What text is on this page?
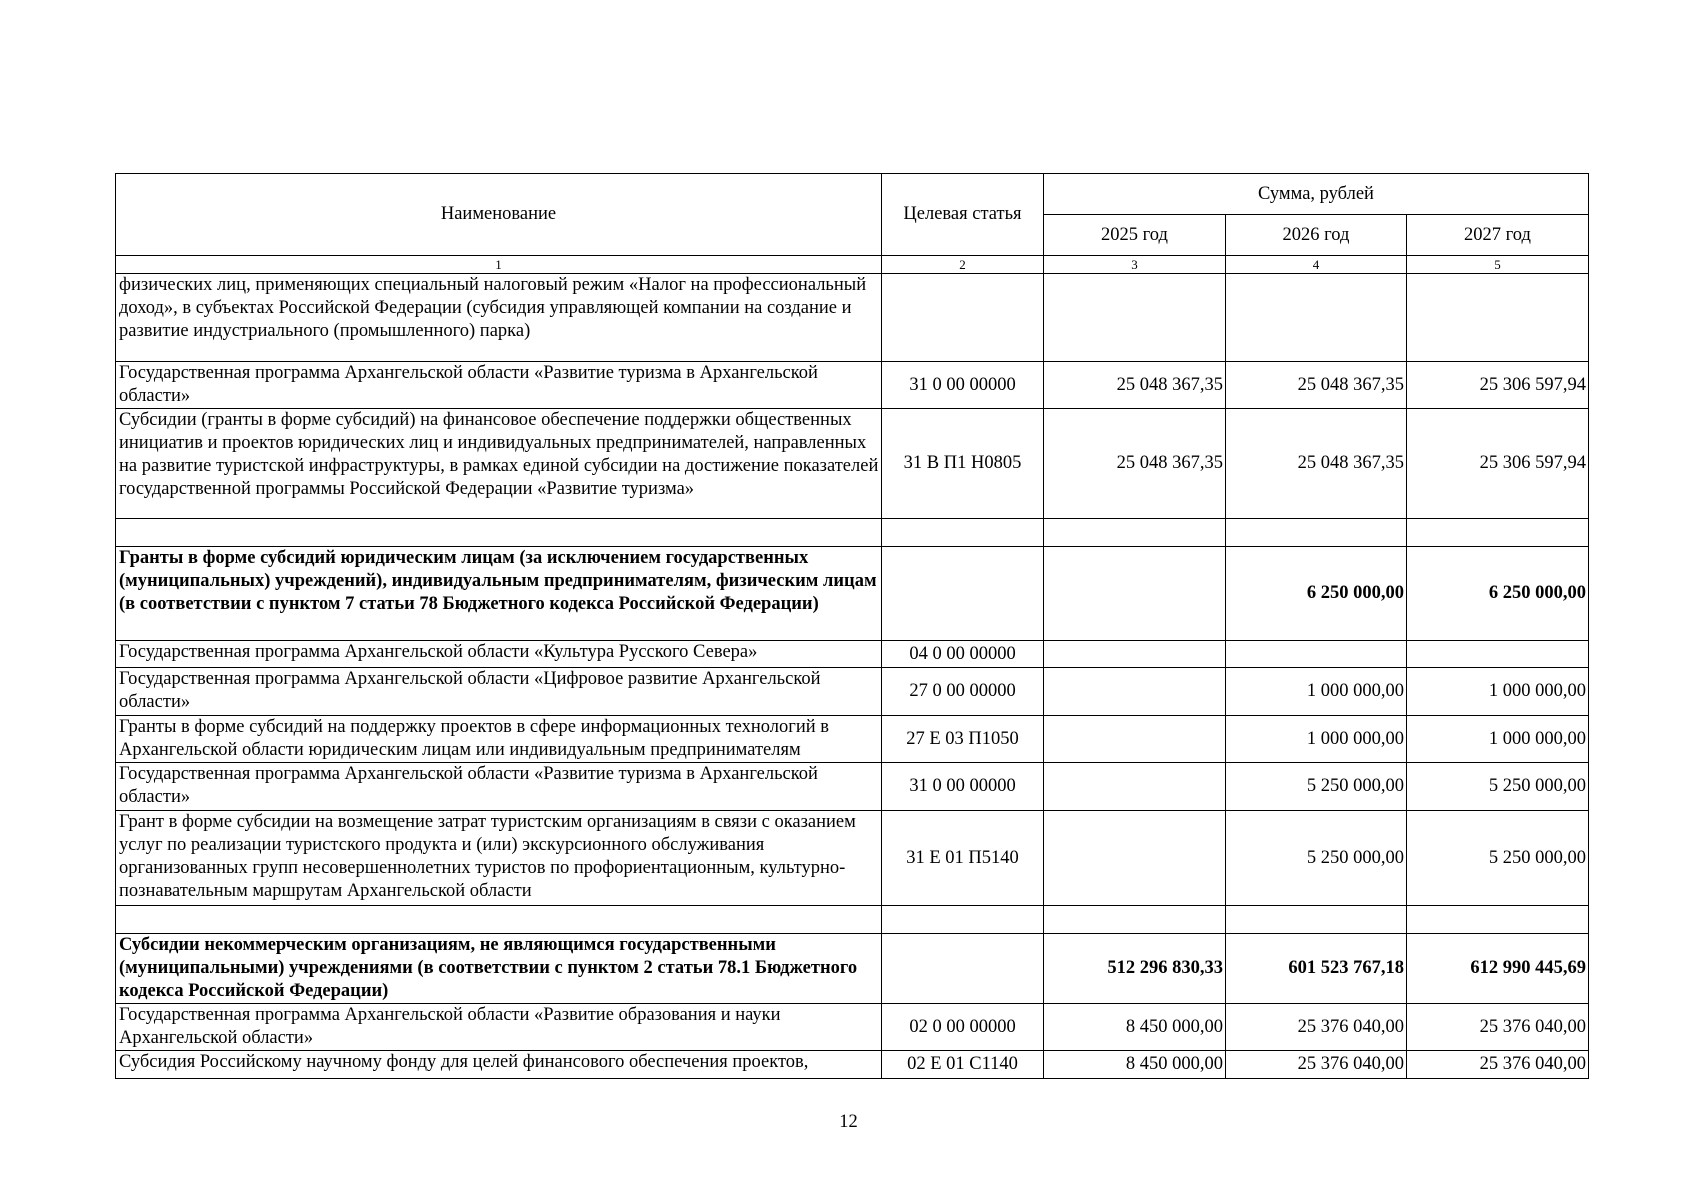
Наименование	Целевая статья	Сумма, рублей		
		2025 год	2026 год	2027 год
1	2	3	4	5
физических лиц, применяющих специальный налоговый режим «Налог на профессиональный доход», в субъектах Российской Федерации (субсидия управляющей компании на создание и развитие индустриального (промышленного) парка)				
Государственная программа Архангельской области «Развитие туризма в Архангельской области»	31 0 00 00000	25 048 367,35	25 048 367,35	25 306 597,94
Субсидии (гранты в форме субсидий) на финансовое обеспечение поддержки общественных инициатив и проектов юридических лиц и индивидуальных предпринимателей, направленных на развитие туристской инфраструктуры, в рамках единой субсидии на достижение показателей государственной программы Российской Федерации «Развитие туризма»	31 В П1 Н0805	25 048 367,35	25 048 367,35	25 306 597,94

Гранты в форме субсидий юридическим лицам (за исключением государственных (муниципальных) учреждений), индивидуальным предпринимателям, физическим лицам (в соответствии с пунктом 7 статьи 78 Бюджетного кодекса Российской Федерации)			6 250 000,00	6 250 000,00
Государственная программа Архангельской области «Культура Русского Севера»	04 0 00 00000			
Государственная программа Архангельской области «Цифровое развитие Архангельской области»	27 0 00 00000		1 000 000,00	1 000 000,00
Гранты в форме субсидий на поддержку проектов в сфере информационных технологий в Архангельской области юридическим лицам или индивидуальным предпринимателям	27 Е 03 П1050		1 000 000,00	1 000 000,00
Государственная программа Архангельской области «Развитие туризма в Архангельской области»	31 0 00 00000		5 250 000,00	5 250 000,00
Грант в форме субсидии на возмещение затрат туристским организациям в связи с оказанием услуг по реализации туристского продукта и (или) экскурсионного обслуживания организованных групп несовершеннолетних туристов по профориентационным, культурно-познавательным маршрутам Архангельской области	31 Е 01 П5140		5 250 000,00	5 250 000,00

Субсидии некоммерческим организациям, не являющимся государственными (муниципальными) учреждениями (в соответствии с пунктом 2 статьи 78.1 Бюджетного кодекса Российской Федерации)		512 296 830,33	601 523 767,18	612 990 445,69
Государственная программа Архангельской области «Развитие образования и науки Архангельской области»	02 0 00 00000	8 450 000,00	25 376 040,00	25 376 040,00
Субсидия Российскому научному фонду для целей финансового обеспечения проектов,	02 Е 01 С1140	8 450 000,00	25 376 040,00	25 376 040,00
12
